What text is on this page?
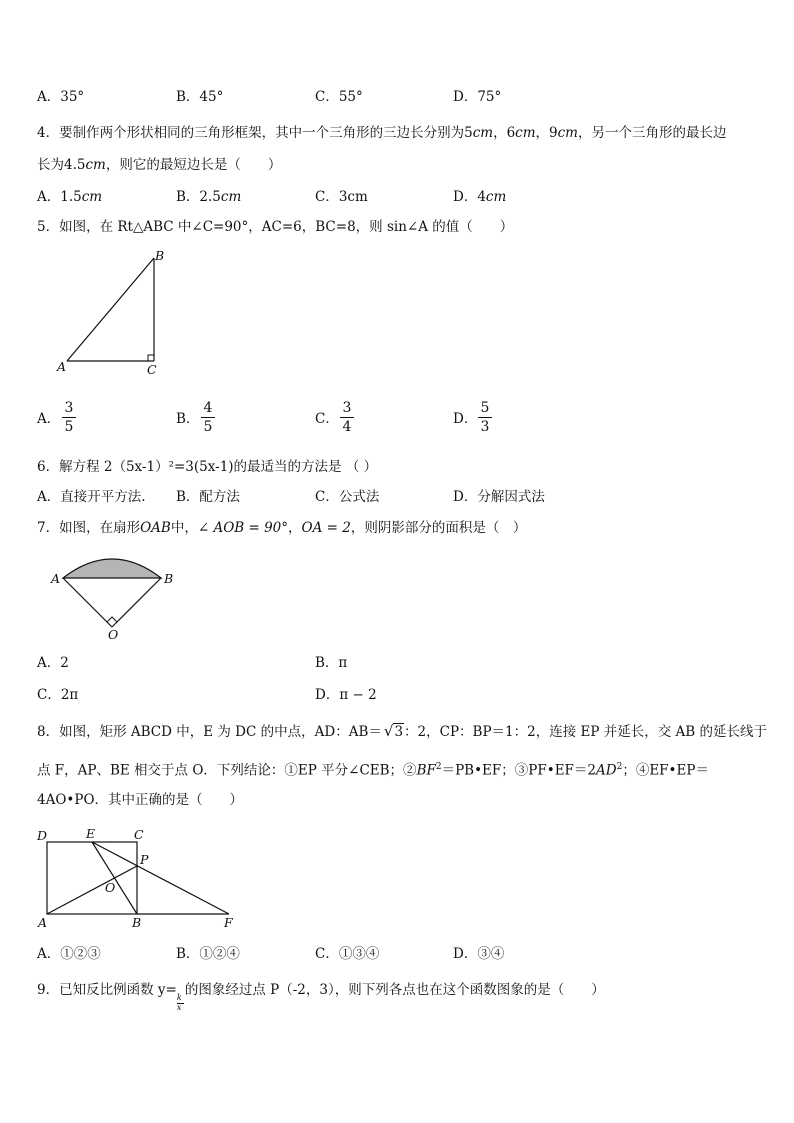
A．35°	B．45°	C．55°	D．75°
4．要制作两个形状相同的三角形框架，其中一个三角形的三边长分别为5cm，6cm，9cm，另一个三角形的最长边
长为4.5cm，则它的最短边长是（　　）
A．1.5cm	B．2.5cm	C．3cm	D．4cm
5．如图，在 Rt△ABC 中∠C=90°，AC=6，BC=8，则 sin∠A 的值（　　）
A
B
C
A．
3
5	B．
4
5	C．
3
4	D．
5
3
6．解方程 2（5x-1）²=3(5x-1)的最适当的方法是 （ ）
A．直接开平方法. B．配方法	C．公式法	D．分解因式法
7．如图，在扇形OAB中，∠ AOB = 90°，OA = 2，则阴影部分的面积是（　）
A	B
O
A．2	B．π
C．2π	D．π − 2
8．如图，矩形 ABCD 中，E 为 DC 的中点，AD：AB＝ √3：2，CP：BP＝1：2，连接 EP 并延长，交 AB 的延长线于
点 F，AP、BE 相交于点 O．下列结论：①EP 平分∠CEB；$②BF^2=PB•EF$；$③PF•EF=2AD^2$；④EF•EP＝
4AO•PO．其中正确的是（　　）
D	E	C
P
O
A	B	F
A．①②③	B．①②④	C．①③④	D．③④
9．已知反比例函数 $y= \frac{k}{x}$ 的图象经过点 P（-2，3），则下列各点也在这个函数图象的是（　　）
